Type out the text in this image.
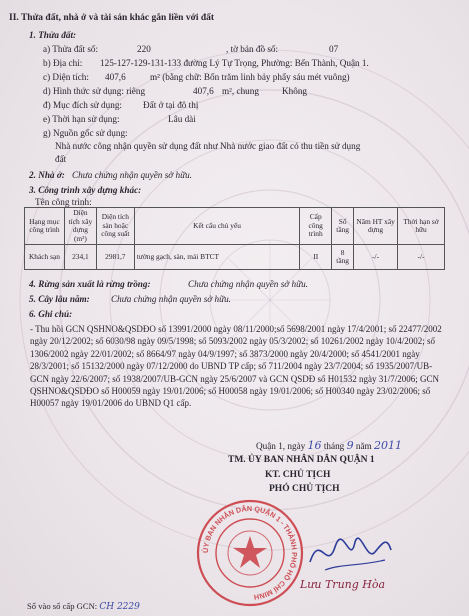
II. Thửa đất, nhà ở và tài sản khác gắn liền với đất
1. Thửa đất:
a) Thửa đất số:	220	, tờ bản đồ số:	07
b) Địa chỉ: 125-127-129-131-133 đường Lý Tự Trọng, Phường: Bến Thành, Quận 1.
c) Diện tích: 407,6	m² (bằng chữ: Bốn trăm linh bảy phẩy sáu mét vuông)
d) Hình thức sử dụng: riêng	407,6 m², chung	Không
đ) Mục đích sử dụng: Đất ở tại đô thị
e) Thời hạn sử dụng:	Lâu dài
g) Nguồn gốc sử dụng:
Nhà nước công nhận quyền sử dụng đất như Nhà nước giao đất có thu tiền sử dụng
đất
2. Nhà ở: Chưa chứng nhận quyền sở hữu.
3. Công trình xây dựng khác:
Tên công trình:
Hạng mục công trình	Diện tích xây dựng (m²)	Diện tích sàn hoặc công suất	Kết cấu chủ yếu	Cấp công trình	Số tầng	Năm HT xây dựng	Thời hạn sở hữu
Khách sạn	234,1	2981,7	tường gạch, sàn, mái BTCT	II	8 tầng	-/-	-/-
4. Rừng sản xuất là rừng trồng:	Chưa chứng nhận quyền sở hữu.
5. Cây lâu năm: Chưa chứng nhận quyền sở hữu.
6. Ghi chú:
- Thu hồi GCN QSHNO&QSDĐO số 13991/2000 ngày 08/11/2000;số 5698/2001 ngày 17/4/2001; số 22477/2002 ngày 20/12/2002; số 6030/98 ngày 09/5/1998; số 5093/2002 ngày 05/3/2002; số 10261/2002 ngày 10/4/2002; số 1306/2002 ngày 22/01/2002; số 8664/97 ngày 04/9/1997; số 3873/2000 ngày 20/4/2000; số 4541/2001 ngày 28/3/2001; số 15132/2000 ngày 07/12/2000 do UBND TP cấp; số 711/2004 ngày 23/7/2004; số 1935/2007/UB-GCN ngày 22/6/2007; số 1938/2007/UB-GCN ngày 25/6/2007 và GCN QSDĐ số H01532 ngày 31/7/2006; GCN QSHNO&QSDĐO số H00059 ngày 19/01/2006; số H00058 ngày 19/01/2006; số H00340 ngày 23/02/2006; số H00057 ngày 19/01/2006 do UBND Q1 cấp.
Quận 1, ngày 16 tháng 9 năm 2011
TM. ỦY BAN NHÂN DÂN QUẬN 1
KT. CHỦ TỊCH
PHÓ CHỦ TỊCH
ỦY BAN NHÂN DÂN QUẬN 1 - THÀNH PHỐ HỒ CHÍ MINH
Lưu Trung Hòa
Số vào sổ cấp GCN: CH 2229
